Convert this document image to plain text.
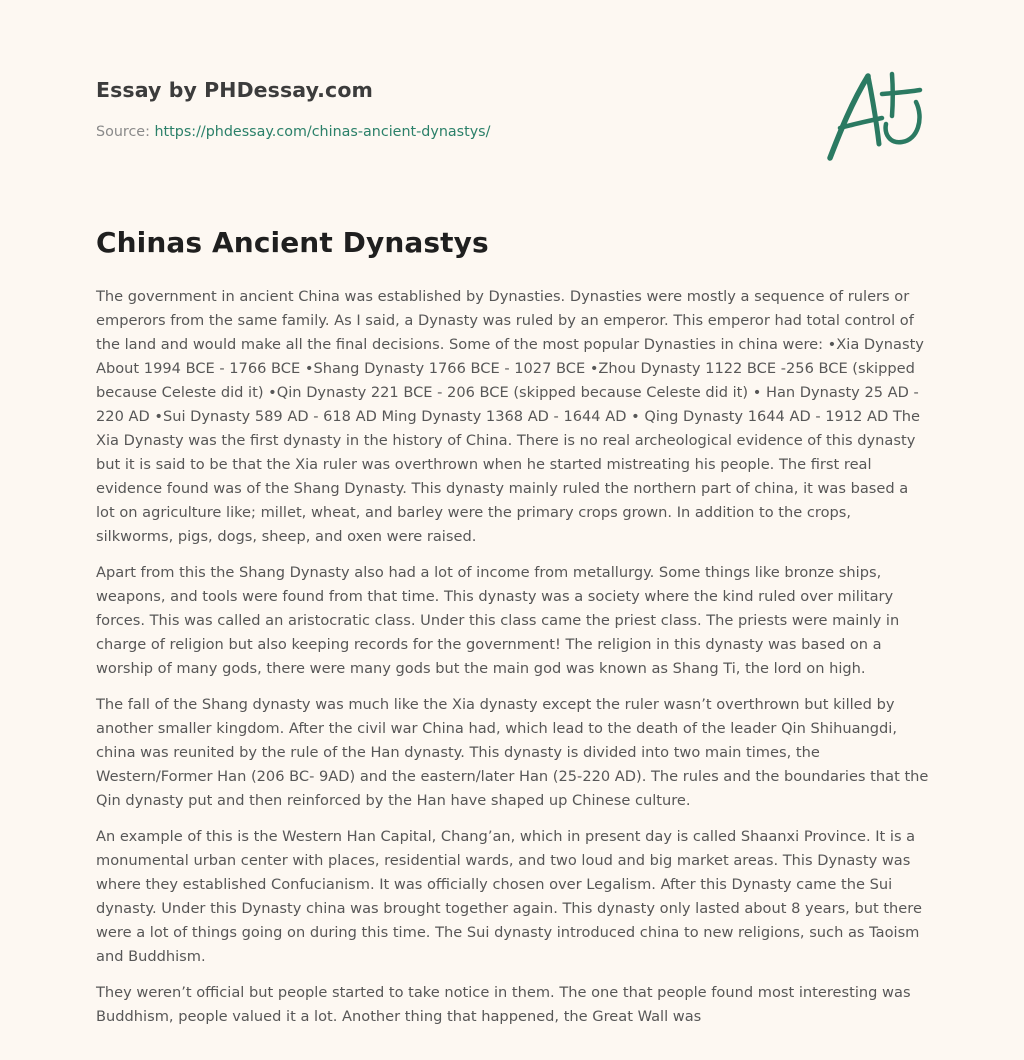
Essay by PHDessay.com
Source: https://phdessay.com/chinas-ancient-dynastys/
Chinas Ancient Dynastys

The government in ancient China was established by Dynasties. Dynasties were mostly a sequence of rulers or emperors from the same family. As I said, a Dynasty was ruled by an emperor. This emperor had total control of the land and would make all the final decisions. Some of the most popular Dynasties in china were: •Xia Dynasty About 1994 BCE - 1766 BCE •Shang Dynasty 1766 BCE - 1027 BCE •Zhou Dynasty 1122 BCE -256 BCE (skipped because Celeste did it) •Qin Dynasty 221 BCE - 206 BCE (skipped because Celeste did it) • Han Dynasty 25 AD - 220 AD •Sui Dynasty 589 AD - 618 AD Ming Dynasty 1368 AD - 1644 AD • Qing Dynasty 1644 AD - 1912 AD The Xia Dynasty was the first dynasty in the history of China. There is no real archeological evidence of this dynasty but it is said to be that the Xia ruler was overthrown when he started mistreating his people. The first real evidence found was of the Shang Dynasty. This dynasty mainly ruled the northern part of china, it was based a lot on agriculture like; millet, wheat, and barley were the primary crops grown. In addition to the crops, silkworms, pigs, dogs, sheep, and oxen were raised.

Apart from this the Shang Dynasty also had a lot of income from metallurgy. Some things like bronze ships, weapons, and tools were found from that time. This dynasty was a society where the kind ruled over military forces. This was called an aristocratic class. Under this class came the priest class. The priests were mainly in charge of religion but also keeping records for the government! The religion in this dynasty was based on a worship of many gods, there were many gods but the main god was known as Shang Ti, the lord on high.

The fall of the Shang dynasty was much like the Xia dynasty except the ruler wasn’t overthrown but killed by another smaller kingdom. After the civil war China had, which lead to the death of the leader Qin Shihuangdi, china was reunited by the rule of the Han dynasty. This dynasty is divided into two main times, the Western/Former Han (206 BC- 9AD) and the eastern/later Han (25-220 AD). The rules and the boundaries that the Qin dynasty put and then reinforced by the Han have shaped up Chinese culture.

An example of this is the Western Han Capital, Chang’an, which in present day is called Shaanxi Province. It is a monumental urban center with places, residential wards, and two loud and big market areas. This Dynasty was where they established Confucianism. It was officially chosen over Legalism. After this Dynasty came the Sui dynasty. Under this Dynasty china was brought together again. This dynasty only lasted about 8 years, but there were a lot of things going on during this time. The Sui dynasty introduced china to new religions, such as Taoism and Buddhism.

They weren’t official but people started to take notice in them. The one that people found most interesting was Buddhism, people valued it a lot. Another thing that happened, the Great Wall was
